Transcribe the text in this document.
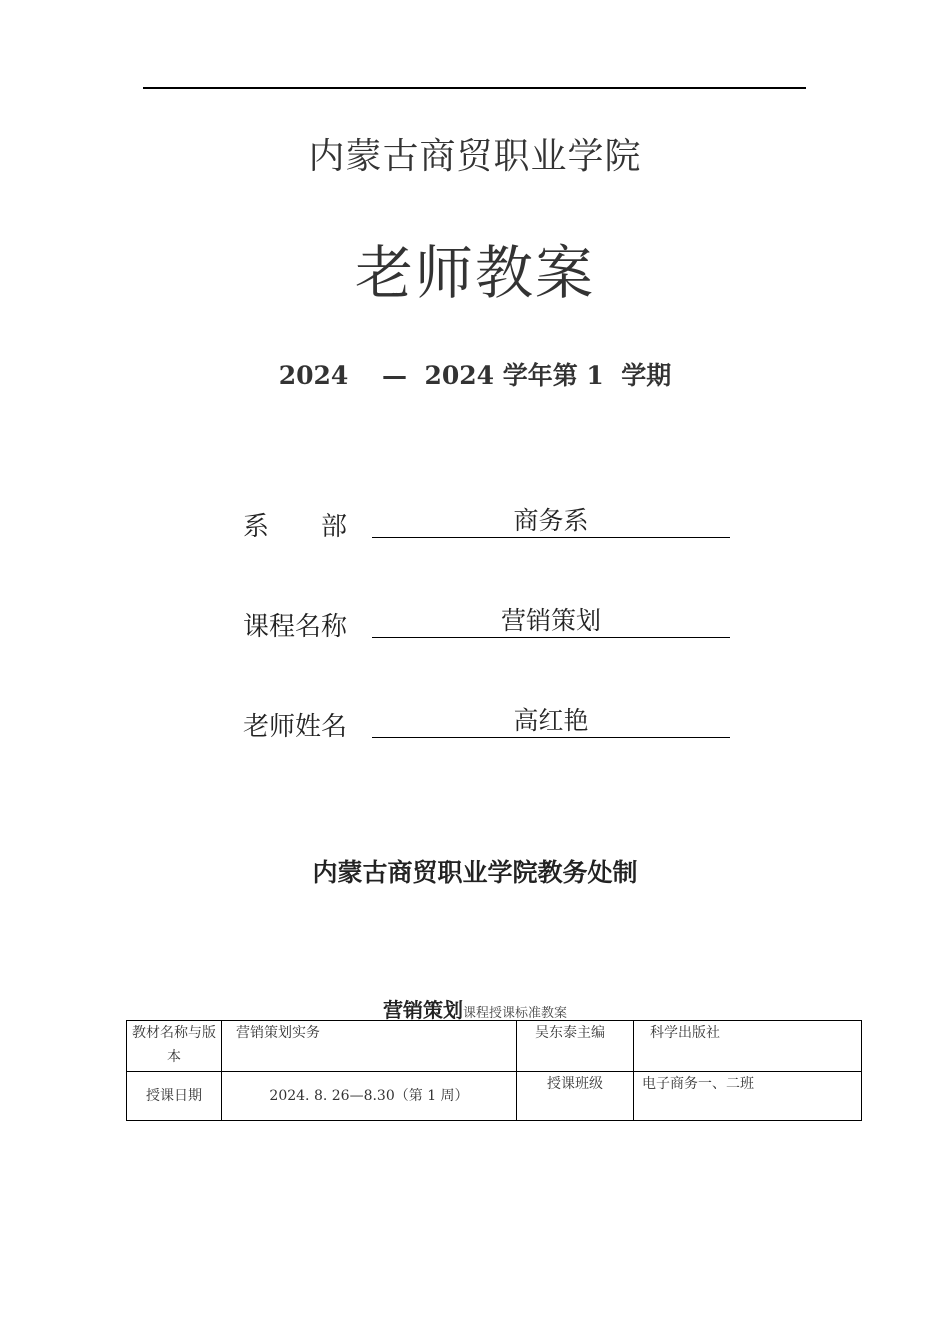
内蒙古商贸职业学院
老师教案
2024　 —  2024 学年第 1  学期
系　　部	商务系
课程名称	营销策划
老师姓名	高红艳
内蒙古商贸职业学院教务处制
营销策划课程授课标准教案
教材名称与版本	营销策划实务	吴东泰主编	科学出版社
授课日期	2024. 8. 26—8.30（第 1 周）	授课班级	电子商务一、二班
